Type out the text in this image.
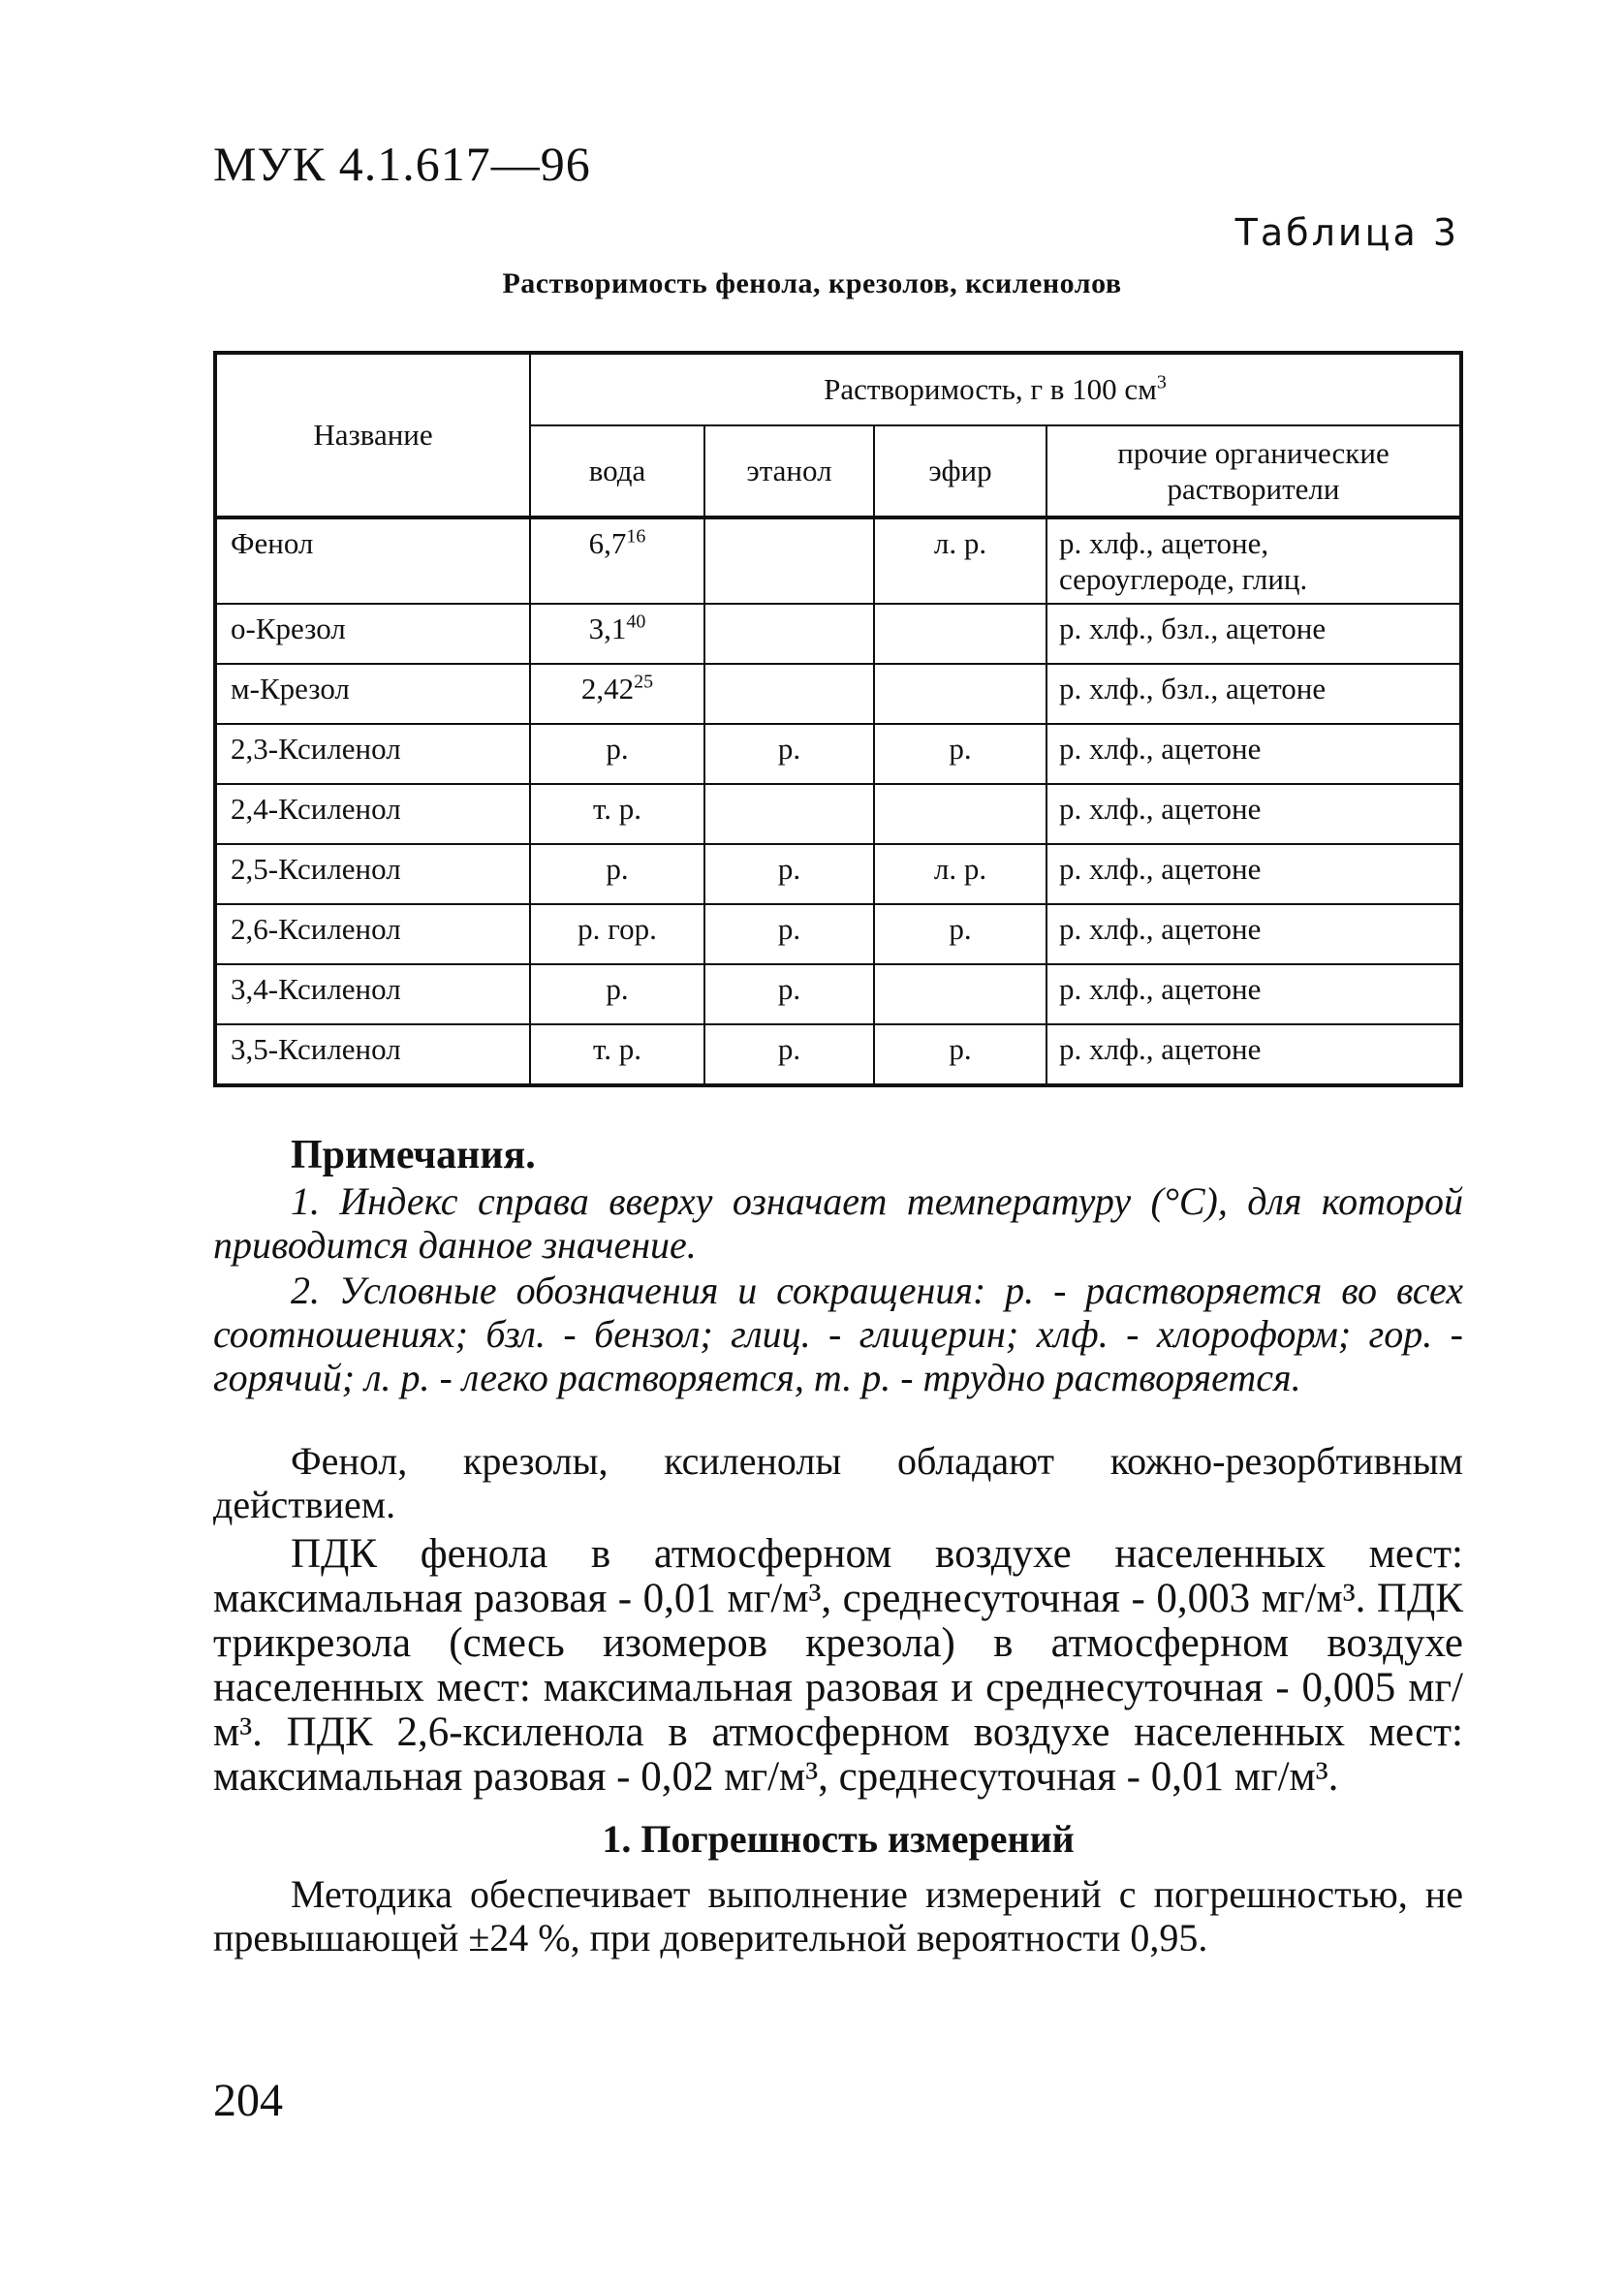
МУК 4.1.617—96
Таблица 3
Растворимость фенола, крезолов, ксиленолов
Название	Растворимость, г в 100 $см^3$
	вода	этанол	эфир	прочие органические растворители
Фенол	$6,7^{16}$		л. р.	р. хлф., ацетоне, сероуглероде, глиц.
о-Крезол	$3,1^{40}$			р. хлф., бзл., ацетоне
м-Крезол	2,42$^{25}$			р. хлф., бзл., ацетоне
2,3-Ксиленол	р.	р.	р.	р. хлф., ацетоне
2,4-Ксиленол	т. р.			р. хлф., ацетоне
2,5-Ксиленол	р.	р.	л. р.	р. хлф., ацетоне
2,6-Ксиленол	р. гор.	р.	р.	р. хлф., ацетоне
3,4-Ксиленол	р.	р.		р. хлф., ацетоне
3,5-Ксиленол	т. р.	р.	р.	р. хлф., ацетоне
Примечания.

1. Индекс справа вверху означает температуру (°C), для которой приводится данное значение.

2. Условные обозначения и сокращения: р. - растворяется во всех соотношениях; бзл. - бензол; глиц. - глицерин; хлф. - хлороформ; гор. - горячий; л. р. - легко растворяется, т. р. - трудно растворяется.

Фенол, крезолы, ксиленолы обладают кожно-резорбтивным действием.

ПДК фенола в атмосферном воздухе населенных мест: максимальная разовая - 0,01 мг/м³, среднесуточная - 0,003 мг/м³. ПДК трикрезола (смесь изомеров крезола) в атмосферном воздухе населенных мест: максимальная разовая и среднесуточная - 0,005 мг/м³. ПДК 2,6-ксиленола в атмосферном воздухе населенных мест: максимальная разовая - 0,02 мг/м³, среднесуточная - 0,01 мг/м³.

1. Погрешность измерений

Методика обеспечивает выполнение измерений с погрешностью, не превышающей ±24 %, при доверительной вероятности 0,95.

204
